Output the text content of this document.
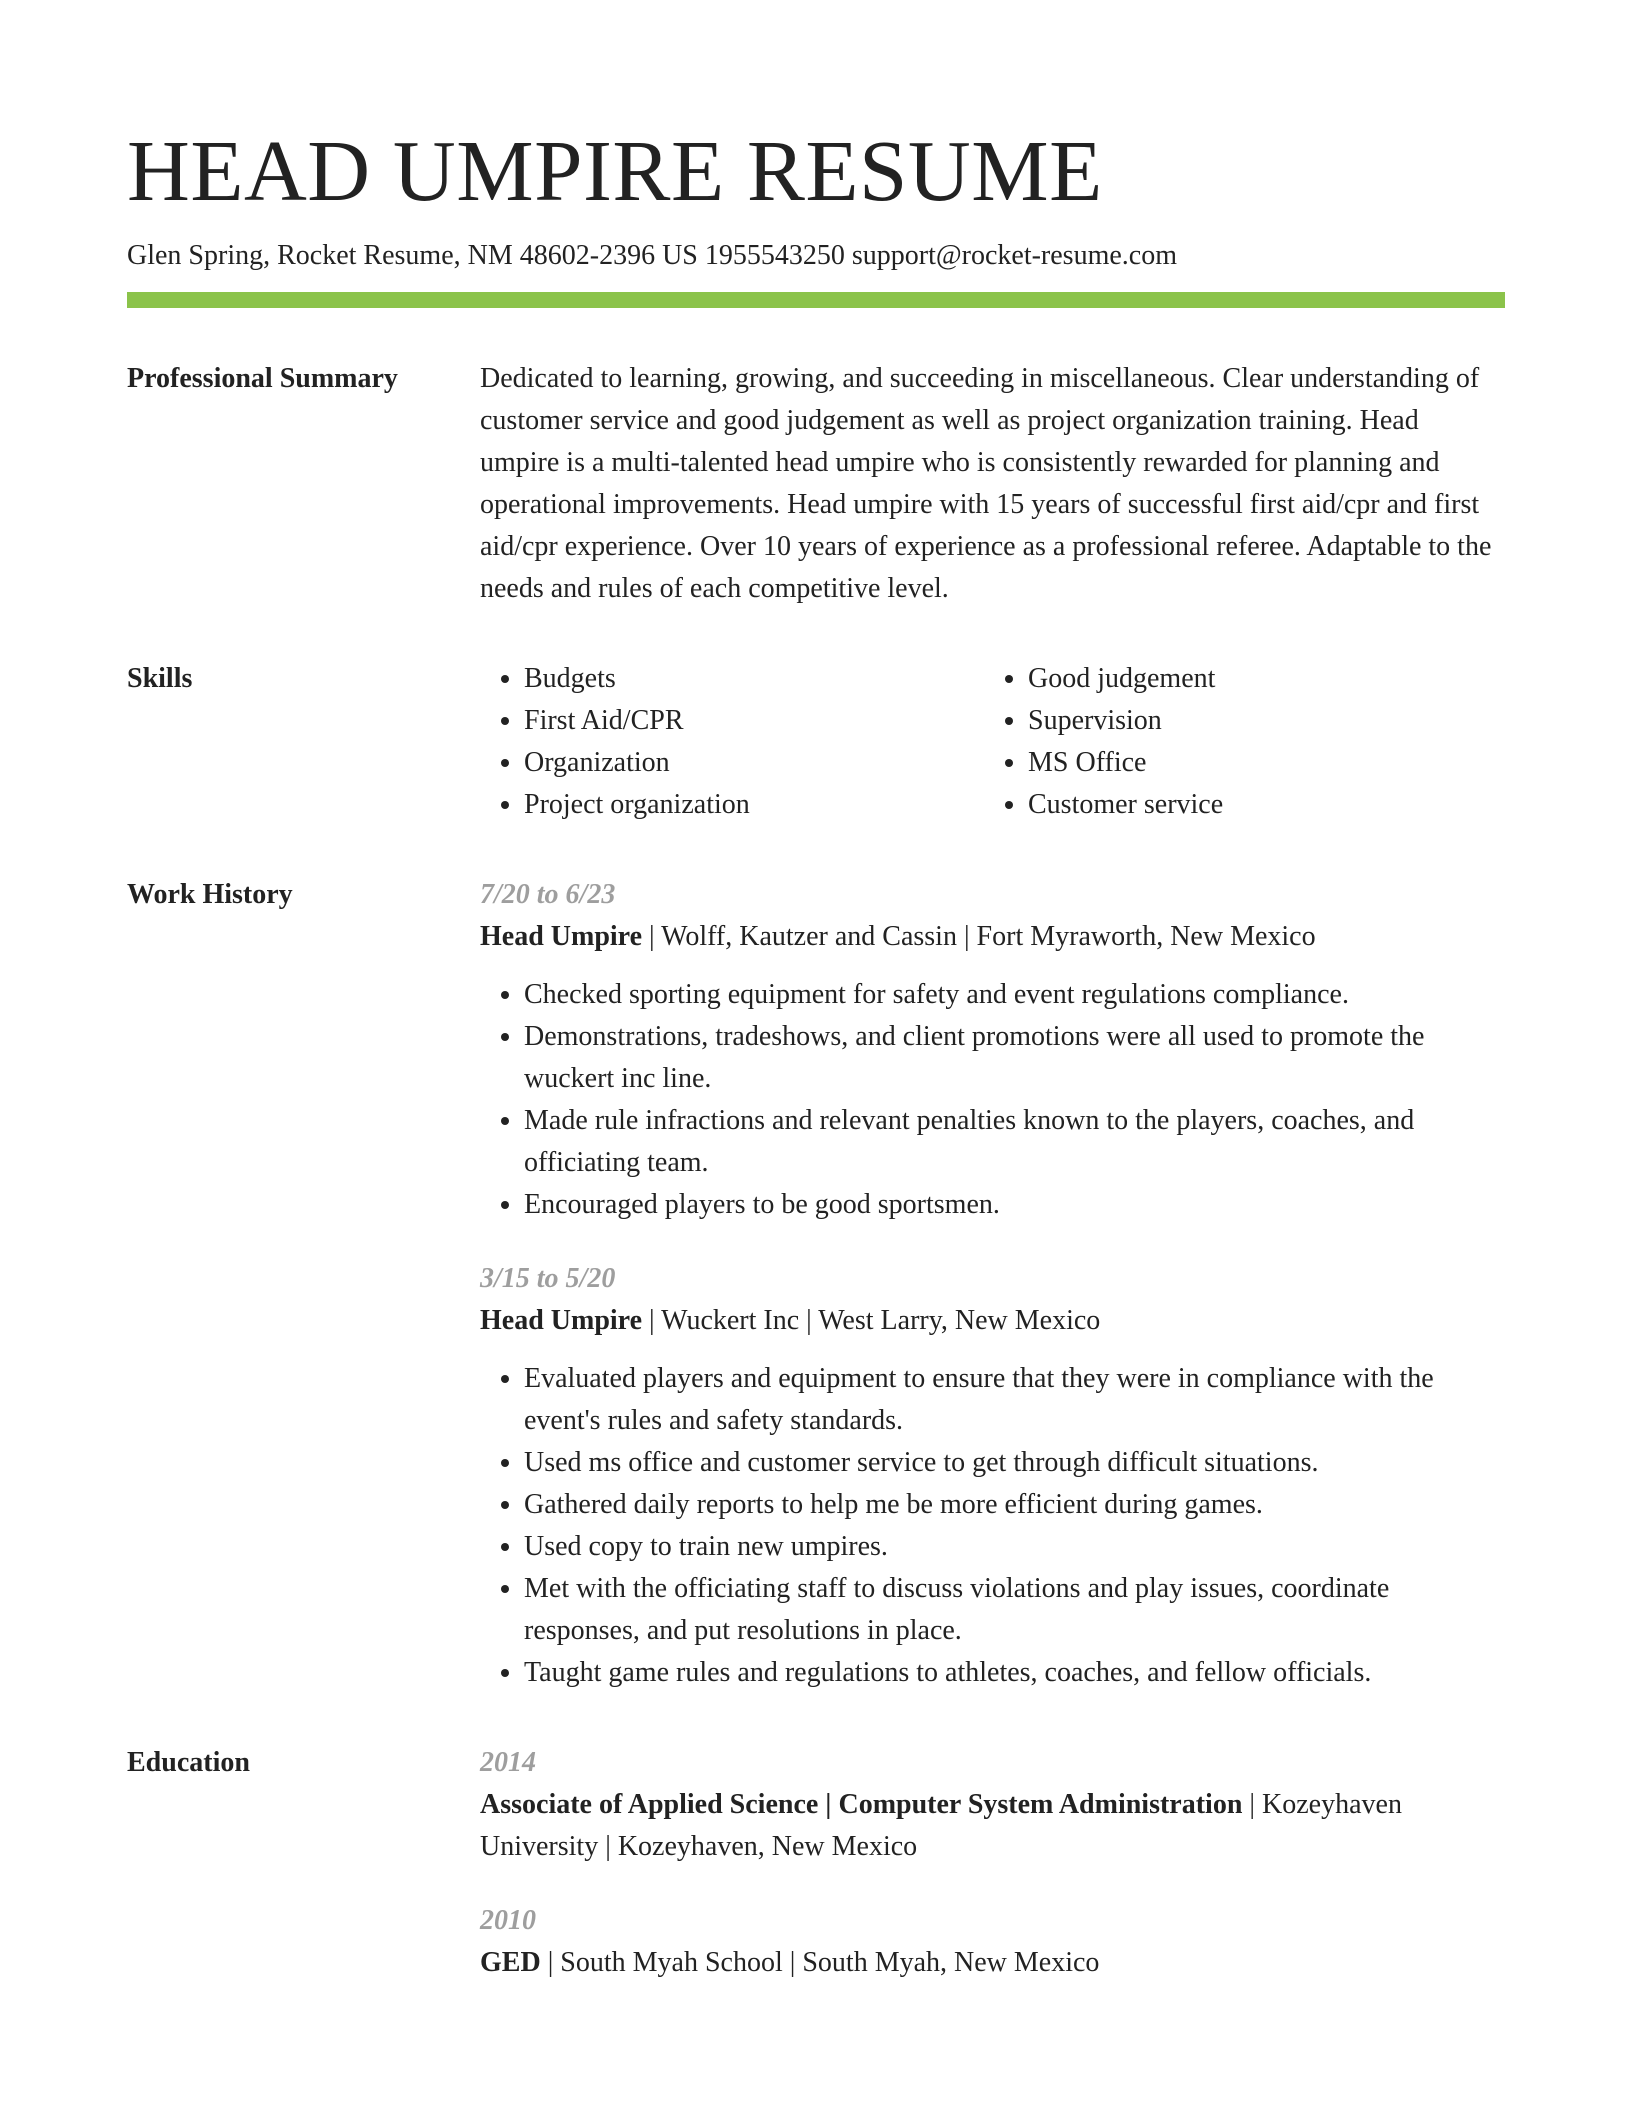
HEAD UMPIRE RESUME
Glen Spring, Rocket Resume, NM 48602-2396 US 1955543250 support@rocket-resume.com
Professional Summary	Dedicated to learning, growing, and succeeding in miscellaneous. Clear understanding of customer service and good judgement as well as project organization training. Head umpire is a multi-talented head umpire who is consistently rewarded for planning and operational improvements. Head umpire with 15 years of successful first aid/cpr and first aid/cpr experience. Over 10 years of experience as a professional referee. Adaptable to the needs and rules of each competitive level.

Skills
•	Budgets
• First Aid/CPR
• Organization
• Project organization
• Good judgement
• Supervision
• MS Office
• Customer service
Work History	7/20 to 6/23
Head Umpire | Wolff, Kautzer and Cassin | Fort Myraworth, New Mexico
• Checked sporting equipment for safety and event regulations compliance.
• Demonstrations, tradeshows, and client promotions were all used to promote the wuckert inc line.
• Made rule infractions and relevant penalties known to the players, coaches, and officiating team.
• Encouraged players to be good sportsmen.
3/15 to 5/20
Head Umpire | Wuckert Inc | West Larry, New Mexico
• Evaluated players and equipment to ensure that they were in compliance with the event's rules and safety standards.
• Used ms office and customer service to get through difficult situations.
• Gathered daily reports to help me be more efficient during games.
• Used copy to train new umpires.
• Met with the officiating staff to discuss violations and play issues, coordinate responses, and put resolutions in place.
• Taught game rules and regulations to athletes, coaches, and fellow officials.
Education	2014
Associate of Applied Science | Computer System Administration | Kozeyhaven University | Kozeyhaven, New Mexico
2010
GED | South Myah School | South Myah, New Mexico
